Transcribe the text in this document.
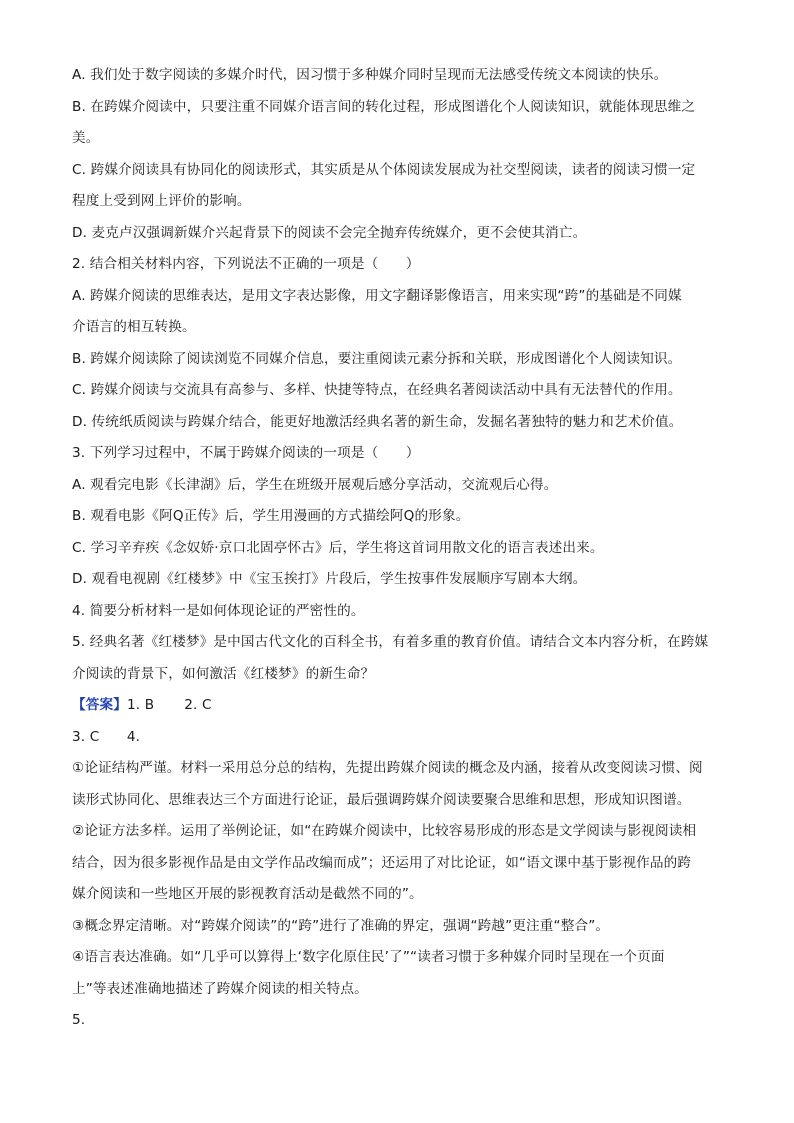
A. 我们处于数字阅读的多媒介时代，因习惯于多种媒介同时呈现而无法感受传统文本阅读的快乐。
B. 在跨媒介阅读中，只要注重不同媒介语言间的转化过程，形成图谱化个人阅读知识，就能体现思维之
美。
C. 跨媒介阅读具有协同化的阅读形式，其实质是从个体阅读发展成为社交型阅读，读者的阅读习惯一定
程度上受到网上评价的影响。
D. 麦克卢汉强调新媒介兴起背景下的阅读不会完全抛弃传统媒介，更不会使其消亡。
2. 结合相关材料内容，下列说法不正确的一项是（　　）
A. 跨媒介阅读的思维表达，是用文字表达影像，用文字翻译影像语言，用来实现“跨”的基础是不同媒
介语言的相互转换。
B. 跨媒介阅读除了阅读浏览不同媒介信息，要注重阅读元素分拆和关联，形成图谱化个人阅读知识。
C. 跨媒介阅读与交流具有高参与、多样、快捷等特点，在经典名著阅读活动中具有无法替代的作用。
D. 传统纸质阅读与跨媒介结合，能更好地激活经典名著的新生命，发掘名著独特的魅力和艺术价值。
3. 下列学习过程中，不属于跨媒介阅读的一项是（　　）
A. 观看完电影《长津湖》后，学生在班级开展观后感分享活动，交流观后心得。
B. 观看电影《阿Q正传》后，学生用漫画的方式描绘阿Q的形象。
C. 学习辛弃疾《念奴娇·京口北固亭怀古》后，学生将这首词用散文化的语言表述出来。
D. 观看电视剧《红楼梦》中《宝玉挨打》片段后，学生按事件发展顺序写剧本大纲。
4. 简要分析材料一是如何体现论证的严密性的。
5. 经典名著《红楼梦》是中国古代文化的百科全书，有着多重的教育价值。请结合文本内容分析，在跨媒
介阅读的背景下，如何激活《红楼梦》的新生命？
【答案】1. B 2. C
3. C　　4.
①论证结构严谨。材料一采用总分总的结构，先提出跨媒介阅读的概念及内涵，接着从改变阅读习惯、阅
读形式协同化、思维表达三个方面进行论证，最后强调跨媒介阅读要聚合思维和思想，形成知识图谱。
②论证方法多样。运用了举例论证，如“在跨媒介阅读中，比较容易形成的形态是文学阅读与影视阅读相
结合，因为很多影视作品是由文学作品改编而成”；还运用了对比论证，如“语文课中基于影视作品的跨
媒介阅读和一些地区开展的影视教育活动是截然不同的”。
③概念界定清晰。对“跨媒介阅读”的“跨”进行了准确的界定，强调“跨越”更注重“整合”。
④语言表达准确。如“几乎可以算得上‘数字化原住民’了”“读者习惯于多种媒介同时呈现在一个页面
上”等表述准确地描述了跨媒介阅读的相关特点。
5.
